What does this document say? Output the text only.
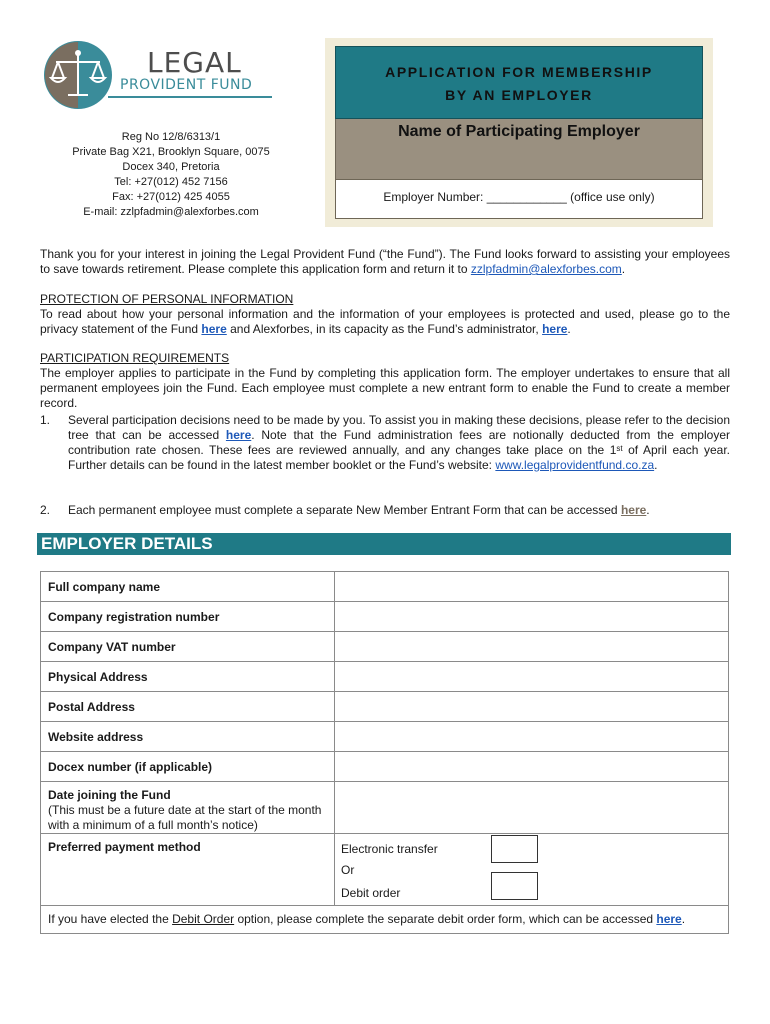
LEGAL
PROVIDENT FUND
Reg No 12/8/6313/1
Private Bag X21, Brooklyn Square, 0075
Docex 340, Pretoria
Tel: +27(012) 452 7156
Fax: +27(012) 425 4055
E-mail: zzlpfadmin@alexforbes.com
APPLICATION FOR MEMBERSHIP
BY AN EMPLOYER
Name of Participating Employer
Employer Number: ____________ (office use only)
Thank you for your interest in joining the Legal Provident Fund (“the Fund”). The Fund looks forward to assisting your employees to save towards retirement. Please complete this application form and return it to zzlpfadmin@alexforbes.com.
PROTECTION OF PERSONAL INFORMATION
To read about how your personal information and the information of your employees is protected and used, please go to the privacy statement of the Fund here and Alexforbes, in its capacity as the Fund’s administrator, here.
PARTICIPATION REQUIREMENTS
The employer applies to participate in the Fund by completing this application form. The employer undertakes to ensure that all permanent employees join the Fund. Each employee must complete a new entrant form to enable the Fund to create a member record.
1. Several participation decisions need to be made by you. To assist you in making these decisions, please refer to the decision tree that can be accessed here. Note that the Fund administration fees are notionally deducted from the employer contribution rate chosen. These fees are reviewed annually, and any changes take place on the 1st of April each year. Further details can be found in the latest member booklet or the Fund’s website: www.legalprovidentfund.co.za.
2. Each permanent employee must complete a separate New Member Entrant Form that can be accessed here.
EMPLOYER DETAILS
Full company name	
Company registration number	
Company VAT number	
Physical Address	
Postal Address	
Website address	
Docex number (if applicable)	

Date joining the Fund
(This must be a future date at the start of the month with a minimum of a full month’s notice)	

Preferred payment method	Electronic transfer
Or
Debit order

If you have elected the Debit Order option, please complete the separate debit order form, which can be accessed here.	
